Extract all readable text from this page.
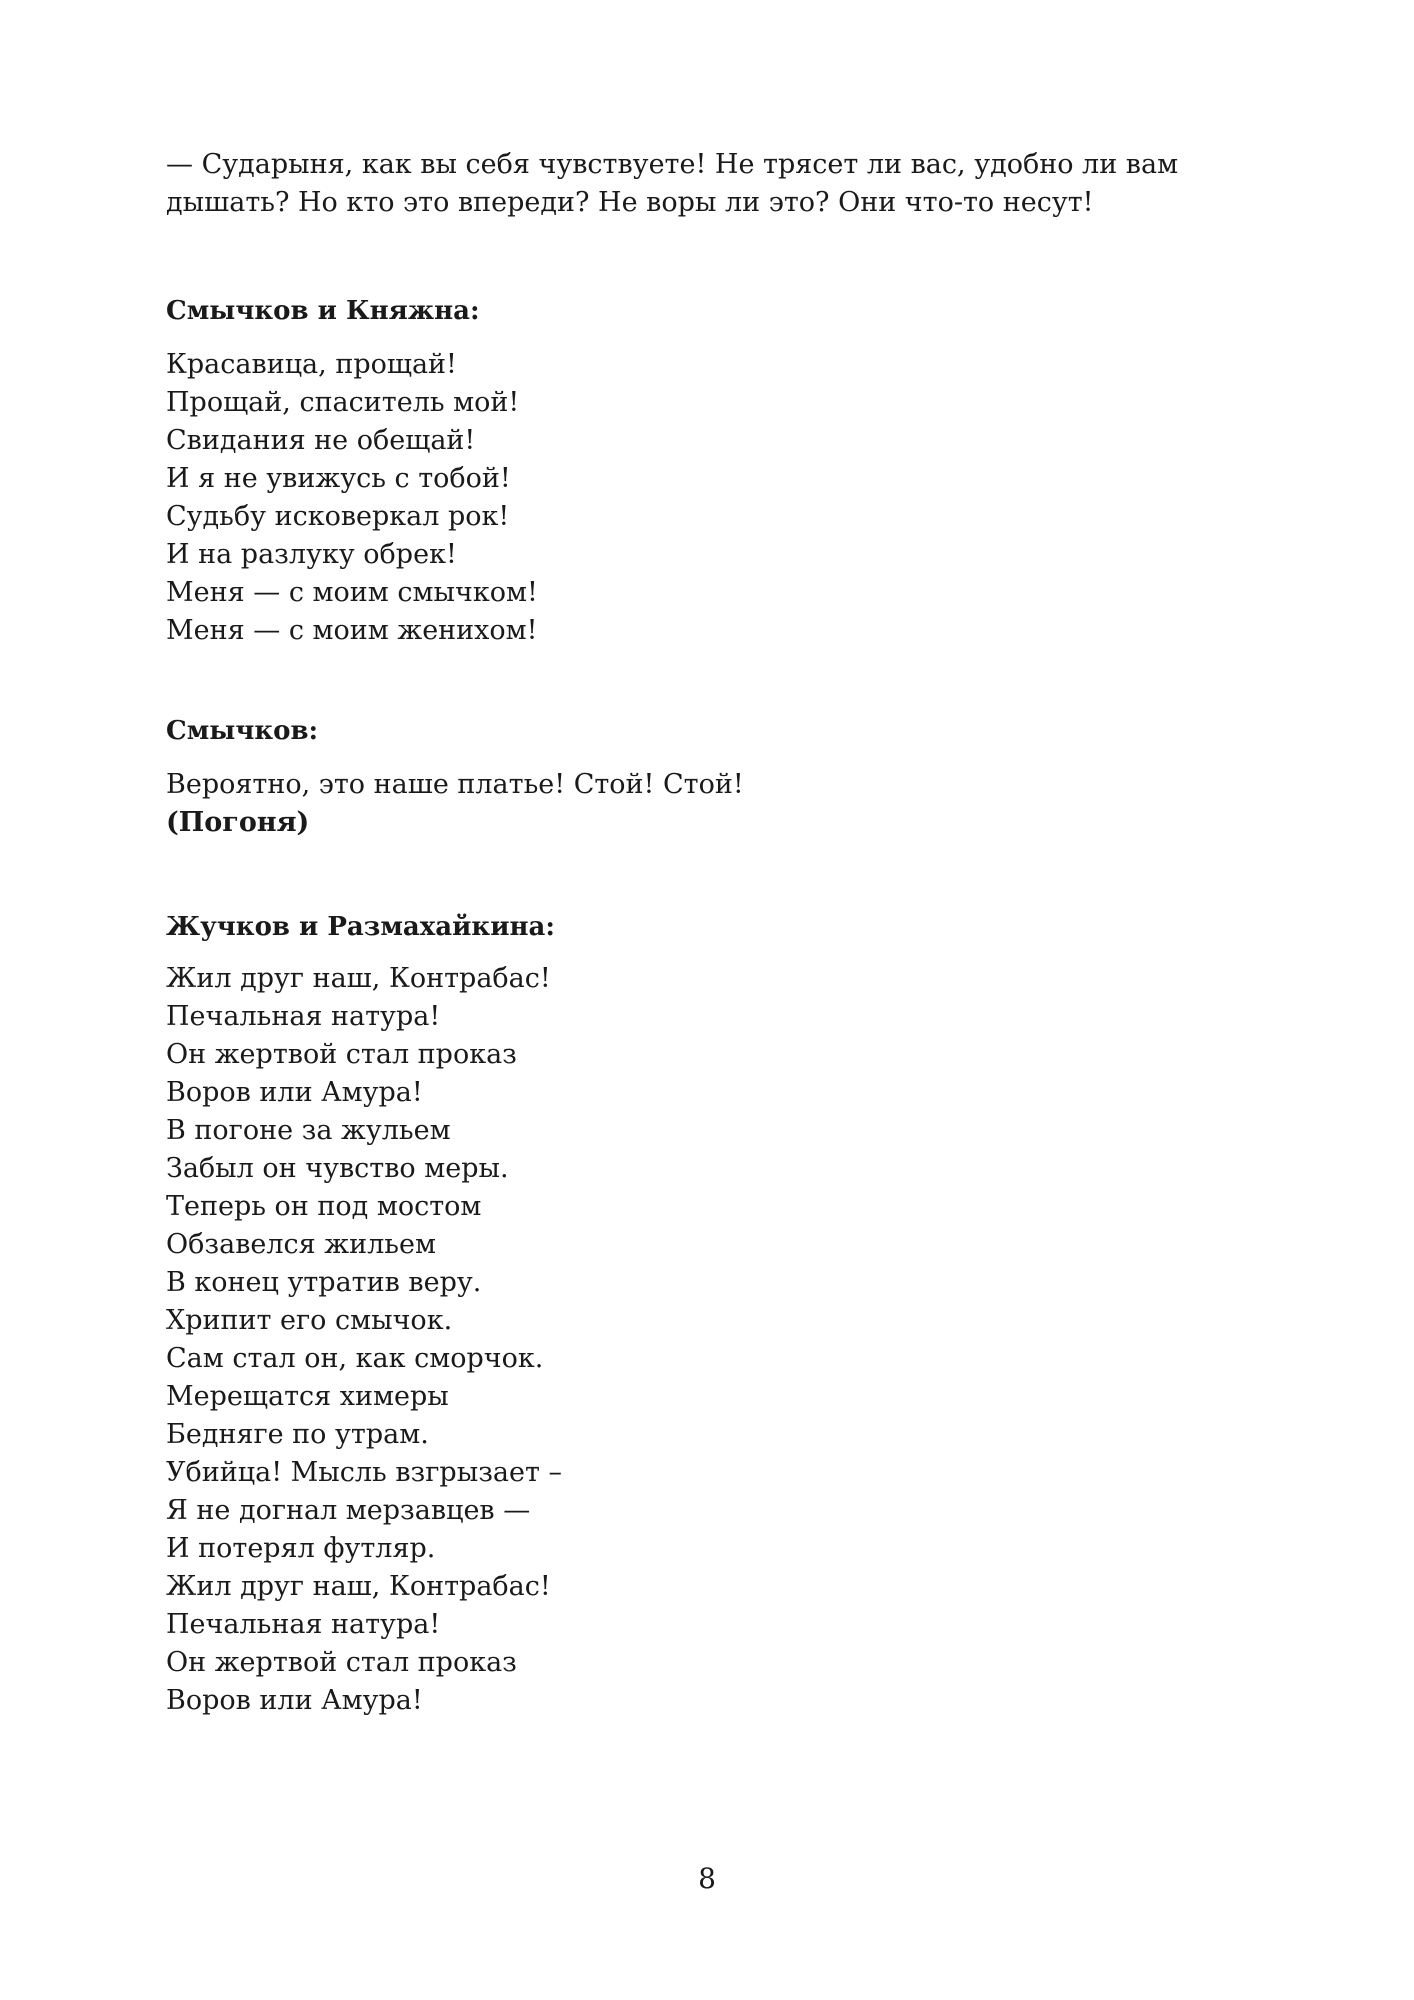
— Сударыня, как вы себя чувствуете! Не трясет ли вас, удобно ли вам
дышать? Но кто это впереди? Не воры ли это? Они что-то несут!

Смычков и Княжна:

Красавица, прощай!
Прощай, спаситель мой!
Свидания не обещай!
И я не увижусь с тобой!
Судьбу исковеркал рок!
И на разлуку обрек!
Меня — с моим смычком!
Меня — с моим женихом!

Смычков:

Вероятно, это наше платье! Стой! Стой!
(Погоня)

Жучков и Размахайкина:

Жил друг наш, Контрабас!
Печальная натура!
Он жертвой стал проказ
Воров или Амура!
В погоне за жульем
Забыл он чувство меры.
Теперь он под мостом
Обзавелся жильем
В конец утратив веру.
Хрипит его смычок.
Сам стал он, как сморчок.
Мерещатся химеры
Бедняге по утрам.
Убийца! Мысль взгрызает –
Я не догнал мерзавцев —
И потерял футляр.
Жил друг наш, Контрабас!
Печальная натура!
Он жертвой стал проказ
Воров или Амура!
8
